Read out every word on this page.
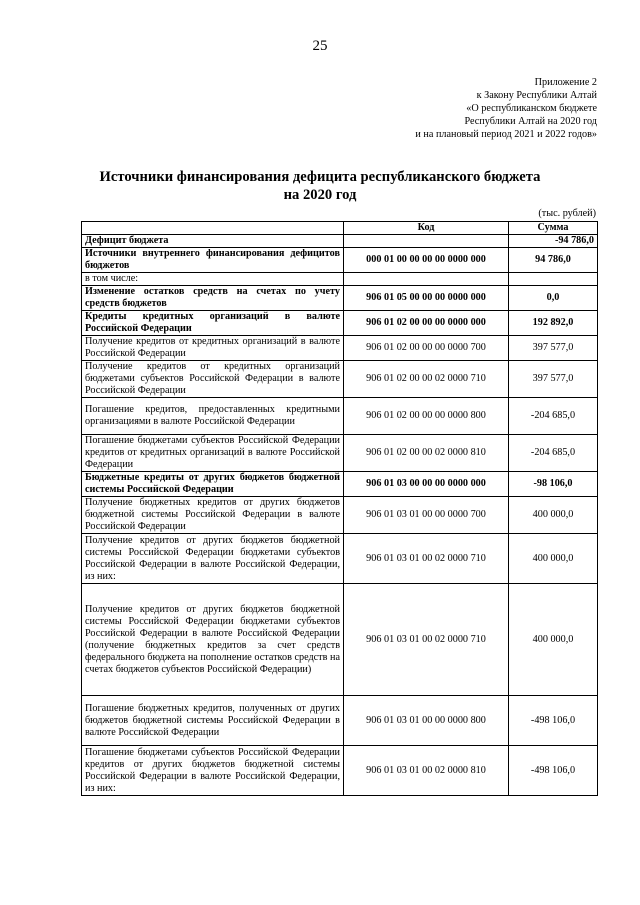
25
Приложение 2
к Закону Республики Алтай
«О республиканском бюджете
Республики Алтай на 2020 год
и на плановый период 2021 и 2022 годов»
Источники финансирования дефицита республиканского бюджета
на 2020 год
(тыс. рублей)
	Код	Сумма
Дефицит бюджета		-94 786,0
Источники внутреннего финансирования дефицитов бюджетов	000 01 00 00 00 00 0000 000	94 786,0
в том числе:		
Изменение остатков средств на счетах по учету средств бюджетов	906 01 05 00 00 00 0000 000	0,0
Кредиты кредитных организаций в валюте Российской Федерации	906 01 02 00 00 00 0000 000	192 892,0
Получение кредитов от кредитных организаций в валюте Российской Федерации	906 01 02 00 00 00 0000 700	397 577,0
Получение кредитов от кредитных организаций бюджетами субъектов Российской Федерации в валюте Российской Федерации	906 01 02 00 00 02 0000 710	397 577,0
Погашение кредитов, предоставленных кредитными организациями в валюте Российской Федерации	906 01 02 00 00 00 0000 800	-204 685,0
Погашение бюджетами субъектов Российской Федерации кредитов от кредитных организаций в валюте Российской Федерации	906 01 02 00 00 02 0000 810	-204 685,0
Бюджетные кредиты от других бюджетов бюджетной системы Российской Федерации	906 01 03 00 00 00 0000 000	-98 106,0
Получение бюджетных кредитов от других бюджетов бюджетной системы Российской Федерации в валюте Российской Федерации	906 01 03 01 00 00 0000 700	400 000,0
Получение кредитов от других бюджетов бюджетной системы Российской Федерации бюджетами субъектов Российской Федерации в валюте Российской Федерации, из них:	906 01 03 01 00 02 0000 710	400 000,0
Получение кредитов от других бюджетов бюджетной системы Российской Федерации бюджетами субъектов Российской Федерации в валюте Российской Федерации (получение бюджетных кредитов за счет средств федерального бюджета на пополнение остатков средств на счетах бюджетов субъектов Российской Федерации)	906 01 03 01 00 02 0000 710	400 000,0
Погашение бюджетных кредитов, полученных от других бюджетов бюджетной системы Российской Федерации в валюте Российской Федерации	906 01 03 01 00 00 0000 800	-498 106,0
Погашение бюджетами субъектов Российской Федерации кредитов от других бюджетов бюджетной системы Российской Федерации в валюте Российской Федерации, из них:	906 01 03 01 00 02 0000 810	-498 106,0
